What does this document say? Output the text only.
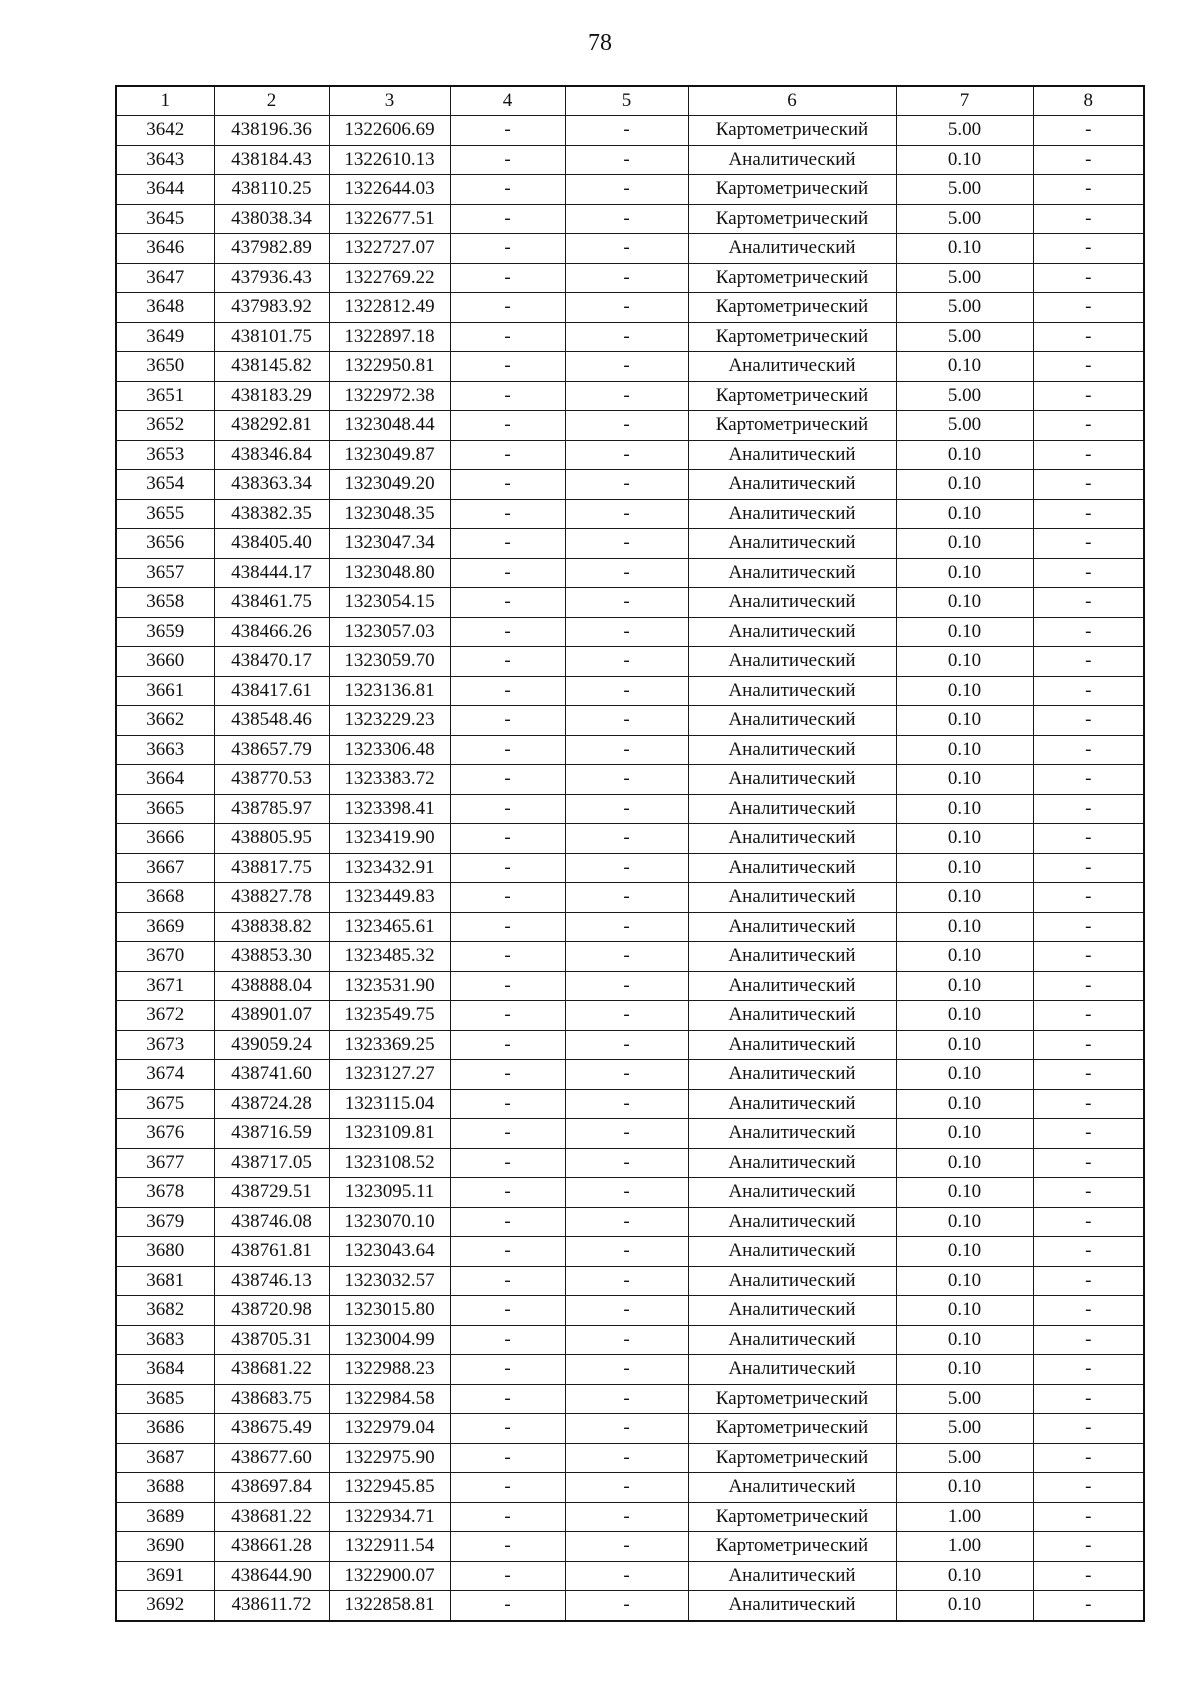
78
1	2	3	4	5	6	7	8
3642	438196.36	1322606.69	-	-	Картометрический	5.00	-
3643	438184.43	1322610.13	-	-	Аналитический	0.10	-
3644	438110.25	1322644.03	-	-	Картометрический	5.00	-
3645	438038.34	1322677.51	-	-	Картометрический	5.00	-
3646	437982.89	1322727.07	-	-	Аналитический	0.10	-
3647	437936.43	1322769.22	-	-	Картометрический	5.00	-
3648	437983.92	1322812.49	-	-	Картометрический	5.00	-
3649	438101.75	1322897.18	-	-	Картометрический	5.00	-
3650	438145.82	1322950.81	-	-	Аналитический	0.10	-
3651	438183.29	1322972.38	-	-	Картометрический	5.00	-
3652	438292.81	1323048.44	-	-	Картометрический	5.00	-
3653	438346.84	1323049.87	-	-	Аналитический	0.10	-
3654	438363.34	1323049.20	-	-	Аналитический	0.10	-
3655	438382.35	1323048.35	-	-	Аналитический	0.10	-
3656	438405.40	1323047.34	-	-	Аналитический	0.10	-
3657	438444.17	1323048.80	-	-	Аналитический	0.10	-
3658	438461.75	1323054.15	-	-	Аналитический	0.10	-
3659	438466.26	1323057.03	-	-	Аналитический	0.10	-
3660	438470.17	1323059.70	-	-	Аналитический	0.10	-
3661	438417.61	1323136.81	-	-	Аналитический	0.10	-
3662	438548.46	1323229.23	-	-	Аналитический	0.10	-
3663	438657.79	1323306.48	-	-	Аналитический	0.10	-
3664	438770.53	1323383.72	-	-	Аналитический	0.10	-
3665	438785.97	1323398.41	-	-	Аналитический	0.10	-
3666	438805.95	1323419.90	-	-	Аналитический	0.10	-
3667	438817.75	1323432.91	-	-	Аналитический	0.10	-
3668	438827.78	1323449.83	-	-	Аналитический	0.10	-
3669	438838.82	1323465.61	-	-	Аналитический	0.10	-
3670	438853.30	1323485.32	-	-	Аналитический	0.10	-
3671	438888.04	1323531.90	-	-	Аналитический	0.10	-
3672	438901.07	1323549.75	-	-	Аналитический	0.10	-
3673	439059.24	1323369.25	-	-	Аналитический	0.10	-
3674	438741.60	1323127.27	-	-	Аналитический	0.10	-
3675	438724.28	1323115.04	-	-	Аналитический	0.10	-
3676	438716.59	1323109.81	-	-	Аналитический	0.10	-
3677	438717.05	1323108.52	-	-	Аналитический	0.10	-
3678	438729.51	1323095.11	-	-	Аналитический	0.10	-
3679	438746.08	1323070.10	-	-	Аналитический	0.10	-
3680	438761.81	1323043.64	-	-	Аналитический	0.10	-
3681	438746.13	1323032.57	-	-	Аналитический	0.10	-
3682	438720.98	1323015.80	-	-	Аналитический	0.10	-
3683	438705.31	1323004.99	-	-	Аналитический	0.10	-
3684	438681.22	1322988.23	-	-	Аналитический	0.10	-
3685	438683.75	1322984.58	-	-	Картометрический	5.00	-
3686	438675.49	1322979.04	-	-	Картометрический	5.00	-
3687	438677.60	1322975.90	-	-	Картометрический	5.00	-
3688	438697.84	1322945.85	-	-	Аналитический	0.10	-
3689	438681.22	1322934.71	-	-	Картометрический	1.00	-
3690	438661.28	1322911.54	-	-	Картометрический	1.00	-
3691	438644.90	1322900.07	-	-	Аналитический	0.10	-
3692	438611.72	1322858.81	-	-	Аналитический	0.10	-
